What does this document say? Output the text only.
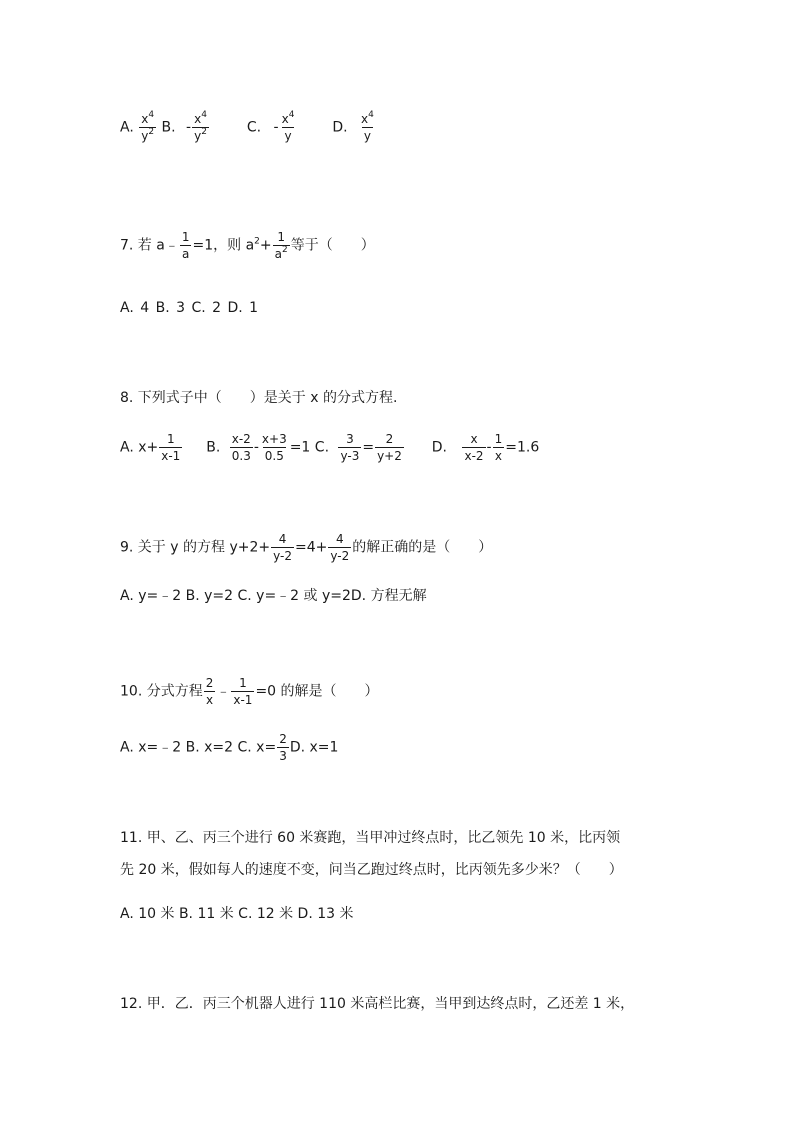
A. $\frac{x^4}{y^2} B$. - $\frac{x^4}{y^2}$	C. - $\frac{x^4}{y}$	D. $\frac{x^4}{y}$
7. 若 a﹣ $\frac{1}{a} =1$，则 $a^2+ \frac{1}{a^2}$ 等于（　　）
A. 4 B. 3 C. 2 D. 1
8. 下列式子中（　　）是关于 x 的分式方程.
A. $x+ \frac{1}{x-1} B$. $\frac{x-2}{0.3} - \frac{x+3}{0.5} =1$ C. $\frac{3}{y-3} = \frac{2}{y+2} D$. $\frac{x}{x-2} - \frac{1}{x} =1.6$
9. 关于 y 的方程 $y+2+ \frac{4}{y-2} =4+ \frac{4}{y-2}$ 的解正确的是（　　）
A. y=﹣2 B. y=2 C. y=﹣2 或 y=2D. 方程无解
10. 分式方程 $\frac{2}{x}$ ﹣ $\frac{1}{x-1} =0$ 的解是（　　）
A. x=﹣2 B. x=2 C. $x= \frac{2}{3} D$. x=1
11. 甲、乙、丙三个进行 60 米赛跑，当甲冲过终点时，比乙领先 10 米，比丙领
先 20 米，假如每人的速度不变，问当乙跑过终点时，比丙领先多少米？（　　）
A. 10 米 B. 11 米 C. 12 米 D. 13 米
12. 甲．乙．丙三个机器人进行 110 米高栏比赛，当甲到达终点时，乙还差 1 米，
